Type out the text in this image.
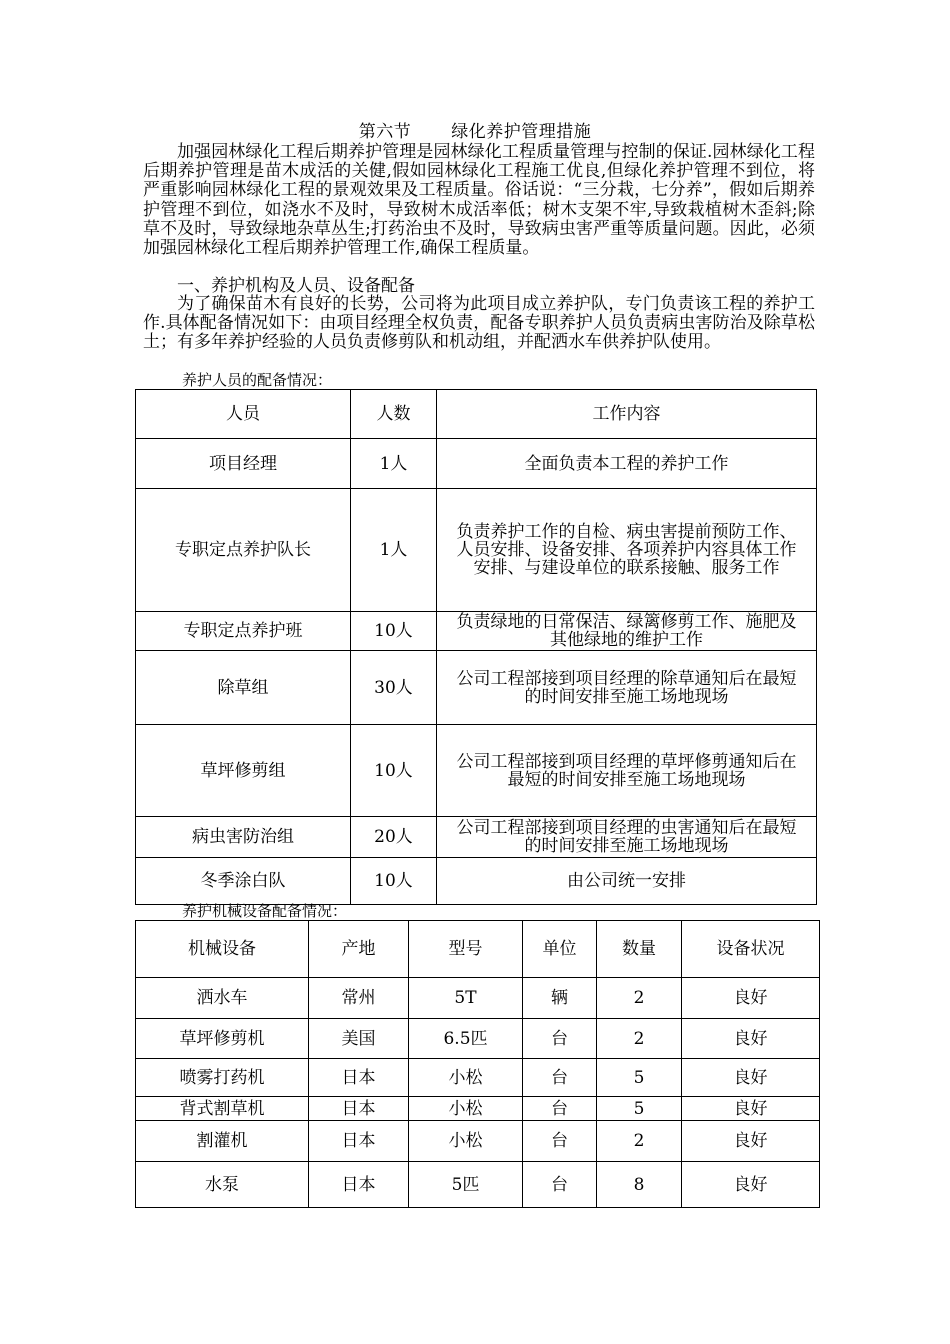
第六节 绿化养护管理措施
加强园林绿化工程后期养护管理是园林绿化工程质量管理与控制的保证.园林绿化工程后期养护管理是苗木成活的关健,假如园林绿化工程施工优良,但绿化养护管理不到位，将严重影响园林绿化工程的景观效果及工程质量。俗话说：“三分栽，七分养”，假如后期养护管理不到位，如浇水不及时，导致树木成活率低；树木支架不牢,导致栽植树木歪斜;除草不及时，导致绿地杂草丛生;打药治虫不及时，导致病虫害严重等质量问题。因此，必须加强园林绿化工程后期养护管理工作,确保工程质量。
一、养护机构及人员、设备配备
为了确保苗木有良好的长势，公司将为此项目成立养护队，专门负责该工程的养护工作.具体配备情况如下：由项目经理全权负责，配备专职养护人员负责病虫害防治及除草松土；有多年养护经验的人员负责修剪队和机动组，并配洒水车供养护队使用。
养护人员的配备情况：
人员	人数	工作内容
项目经理	1人	全面负责本工程的养护工作
专职定点养护队长	1人	负责养护工作的自检、病虫害提前预防工作、人员安排、设备安排、各项养护内容具体工作安排、与建设单位的联系接触、服务工作
专职定点养护班	10人	负责绿地的日常保洁、绿篱修剪工作、施肥及其他绿地的维护工作
除草组	30人	公司工程部接到项目经理的除草通知后在最短的时间安排至施工场地现场
草坪修剪组	10人	公司工程部接到项目经理的草坪修剪通知后在最短的时间安排至施工场地现场
病虫害防治组	20人	公司工程部接到项目经理的虫害通知后在最短的时间安排至施工场地现场
冬季涂白队	10人	由公司统一安排
养护机械设备配备情况：
机械设备	产地	型号	单位	数量	设备状况
洒水车	常州	5T	辆	2	良好
草坪修剪机	美国	6.5匹	台	2	良好
喷雾打药机	日本	小松	台	5	良好
背式割草机	日本	小松	台	5	良好
割灌机	日本	小松	台	2	良好
水泵	日本	5匹	台	8	良好
